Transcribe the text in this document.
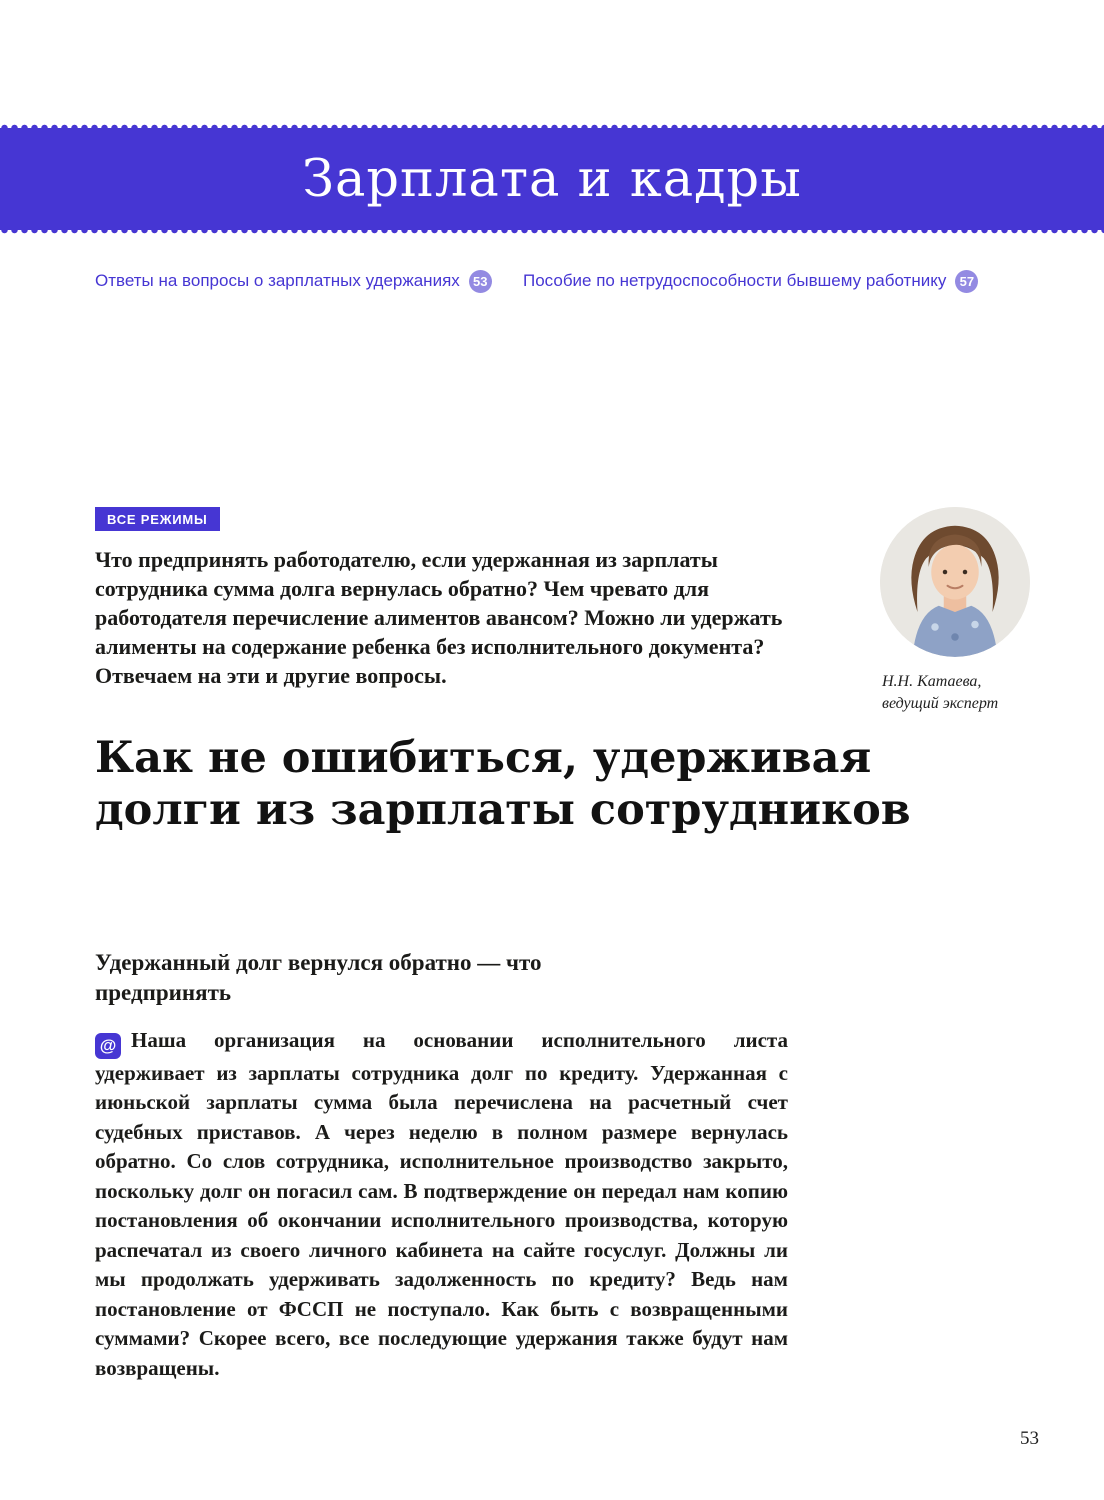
Зарплата и кадры
Ответы на вопросы о зарплатных удержаниях	53 Пособие по нетрудоспособности бывшему работнику	57
ВСЕ РЕЖИМЫ

Что предпринять работодателю, если удержанная из зарплаты сотрудника сумма долга вернулась обратно? Чем чревато для работодателя перечисление алиментов авансом? Можно ли удержать алименты на содержание ребенка без исполнительного документа? Отвечаем на эти и другие вопросы.	Н.Н. Катаева,
ведущий эксперт
Как не ошибиться, удерживая долги из зарплаты сотрудников
Удержанный долг вернулся обратно — что предпринять

@ Наша организация на основании исполнительного листа удерживает из зарплаты сотрудника долг по кредиту. Удержанная с июньской зарплаты сумма была перечислена на расчетный счет судебных приставов. А через неделю в полном размере вернулась обратно. Со слов сотрудника, исполнительное производство закрыто, поскольку долг он погасил сам. В подтверждение он передал нам копию постановления об окончании исполнительного производства, которую распечатал из своего личного кабинета на сайте госуслуг. Должны ли мы продолжать удерживать задолженность по кредиту? Ведь нам постановление от ФССП не поступало. Как быть с возвращенными суммами? Скорее всего, все последующие удержания также будут нам возвращены.

53
